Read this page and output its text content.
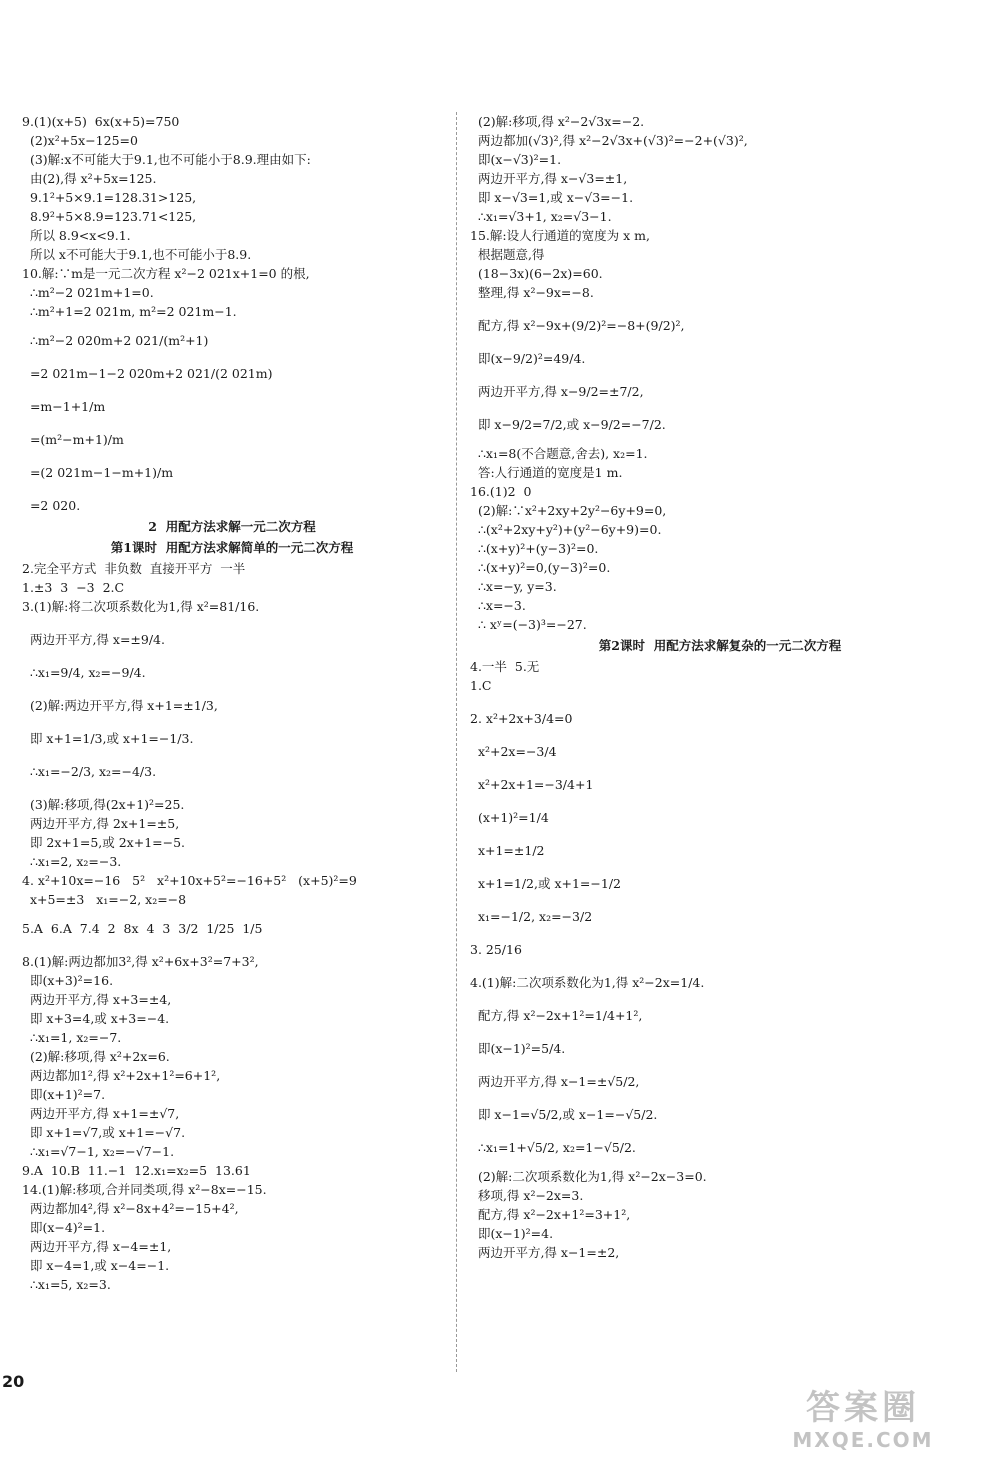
9.(1)(x+5)  6x(x+5)=750
(2)x²+5x−125=0
(3)解:x不可能大于9.1,也不可能小于8.9.理由如下:
由(2),得 x²+5x=125.
9.1²+5×9.1=128.31>125,
8.9²+5×8.9=123.71<125,
所以 8.9<x<9.1.
所以 x不可能大于9.1,也不可能小于8.9.
10.解:∵m是一元二次方程 x²−2 021x+1=0 的根,
∴m²−2 021m+1=0.
∴m²+1=2 021m, m²=2 021m−1.
∴m²−2 020m+2 021/(m²+1)
=2 021m−1−2 020m+2 021/(2 021m)
=m−1+1/m
=(m²−m+1)/m
=(2 021m−1−m+1)/m
=2 020.
2  用配方法求解一元二次方程
第1课时  用配方法求解简单的一元二次方程
2.完全平方式  非负数  直接开平方  一半
1.±3  3  −3  2.C
3.(1)解:将二次项系数化为1,得 x²=81/16.
两边开平方,得 x=±9/4.
∴x₁=9/4, x₂=−9/4.
(2)解:两边开平方,得 x+1=±1/3,
即 x+1=1/3,或 x+1=−1/3.
∴x₁=−2/3, x₂=−4/3.
(3)解:移项,得(2x+1)²=25.
两边开平方,得 2x+1=±5,
即 2x+1=5,或 2x+1=−5.
∴x₁=2, x₂=−3.
4. x²+10x=−16   5²   x²+10x+5²=−16+5²   (x+5)²=9
x+5=±3   x₁=−2, x₂=−8
5.A  6.A  7.4  2  8x  4  3  3/2  1/25  1/5
8.(1)解:两边都加3²,得 x²+6x+3²=7+3²,
即(x+3)²=16.
两边开平方,得 x+3=±4,
即 x+3=4,或 x+3=−4.
∴x₁=1, x₂=−7.
(2)解:移项,得 x²+2x=6.
两边都加1²,得 x²+2x+1²=6+1²,
即(x+1)²=7.
两边开平方,得 x+1=±√7,
即 x+1=√7,或 x+1=−√7.
∴x₁=√7−1, x₂=−√7−1.
9.A  10.B  11.−1  12.x₁=x₂=5  13.61
14.(1)解:移项,合并同类项,得 x²−8x=−15.
两边都加4²,得 x²−8x+4²=−15+4²,
即(x−4)²=1.
两边开平方,得 x−4=±1,
即 x−4=1,或 x−4=−1.
∴x₁=5, x₂=3.
(2)解:移项,得 x²−2√3x=−2.
两边都加(√3)²,得 x²−2√3x+(√3)²=−2+(√3)²,
即(x−√3)²=1.
两边开平方,得 x−√3=±1,
即 x−√3=1,或 x−√3=−1.
∴x₁=√3+1, x₂=√3−1.
15.解:设人行通道的宽度为 x m,
根据题意,得
(18−3x)(6−2x)=60.
整理,得 x²−9x=−8.
配方,得 x²−9x+(9/2)²=−8+(9/2)²,
即(x−9/2)²=49/4.
两边开平方,得 x−9/2=±7/2,
即 x−9/2=7/2,或 x−9/2=−7/2.
∴x₁=8(不合题意,舍去), x₂=1.
答:人行通道的宽度是1 m.
16.(1)2  0
(2)解:∵x²+2xy+2y²−6y+9=0,
∴(x²+2xy+y²)+(y²−6y+9)=0.
∴(x+y)²+(y−3)²=0.
∴(x+y)²=0,(y−3)²=0.
∴x=−y, y=3.
∴x=−3.
∴ xʸ=(−3)³=−27.
第2课时  用配方法求解复杂的一元二次方程
4.一半  5.无
1.C
2. x²+2x+3/4=0
x²+2x=−3/4
x²+2x+1=−3/4+1
(x+1)²=1/4
x+1=±1/2
x+1=1/2,或 x+1=−1/2
x₁=−1/2, x₂=−3/2
3. 25/16
4.(1)解:二次项系数化为1,得 x²−2x=1/4.
配方,得 x²−2x+1²=1/4+1²,
即(x−1)²=5/4.
两边开平方,得 x−1=±√5/2,
即 x−1=√5/2,或 x−1=−√5/2.
∴x₁=1+√5/2, x₂=1−√5/2.
(2)解:二次项系数化为1,得 x²−2x−3=0.
移项,得 x²−2x=3.
配方,得 x²−2x+1²=3+1²,
即(x−1)²=4.
两边开平方,得 x−1=±2,
20
答案圈
MXQE.COM
